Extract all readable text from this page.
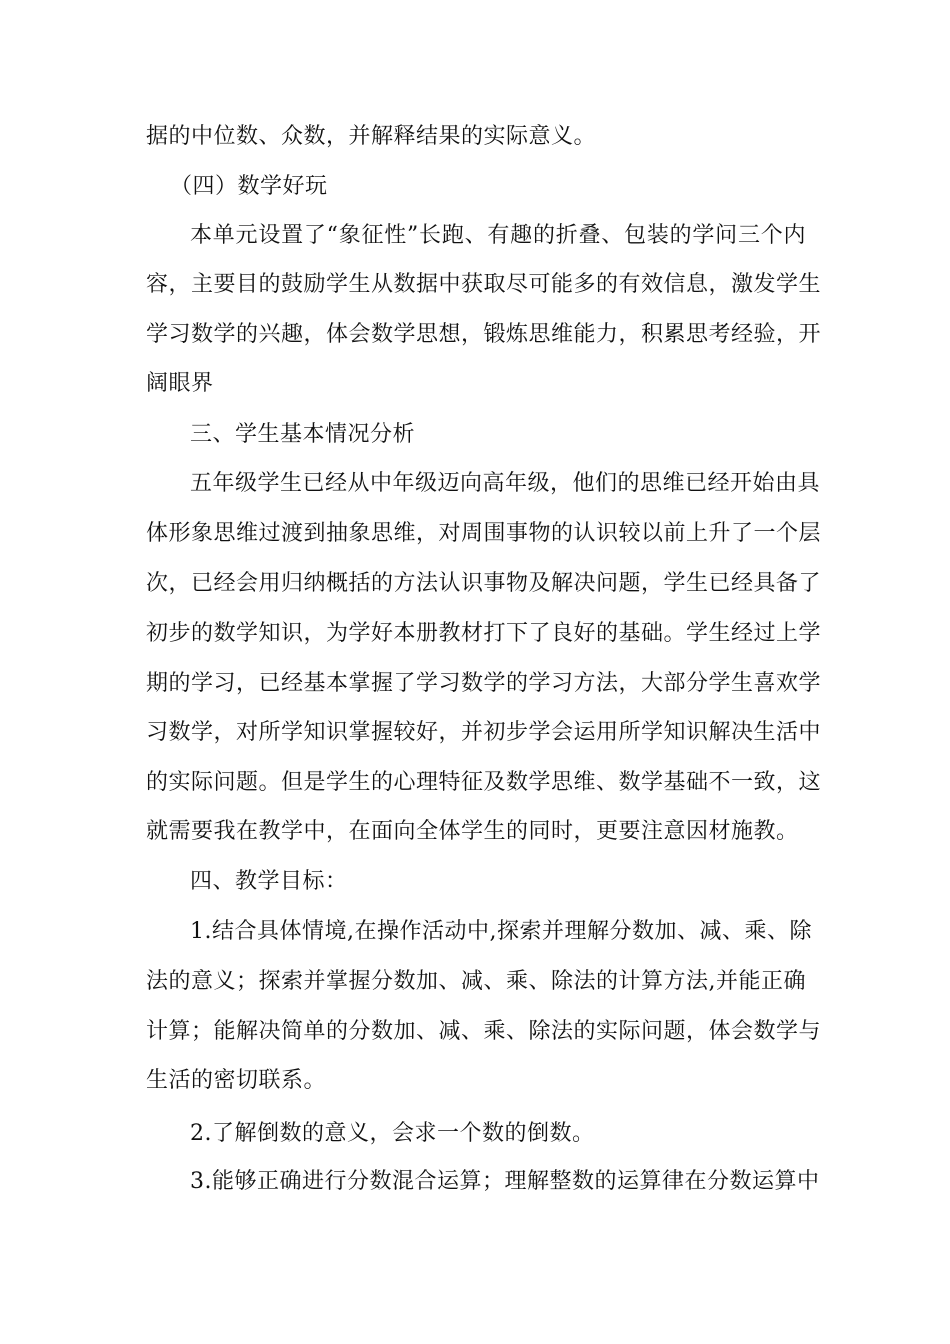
据的中位数、众数，并解释结果的实际意义。
（四）数学好玩
本单元设置了“象征性”长跑、有趣的折叠、包装的学问三个内
容，主要目的鼓励学生从数据中获取尽可能多的有效信息，激发学生
学习数学的兴趣，体会数学思想，锻炼思维能力，积累思考经验，开
阔眼界
三、学生基本情况分析
五年级学生已经从中年级迈向高年级，他们的思维已经开始由具
体形象思维过渡到抽象思维，对周围事物的认识较以前上升了一个层
次，已经会用归纳概括的方法认识事物及解决问题，学生已经具备了
初步的数学知识，为学好本册教材打下了良好的基础。学生经过上学
期的学习，已经基本掌握了学习数学的学习方法，大部分学生喜欢学
习数学，对所学知识掌握较好，并初步学会运用所学知识解决生活中
的实际问题。但是学生的心理特征及数学思维、数学基础不一致，这
就需要我在教学中，在面向全体学生的同时，更要注意因材施教。
四、教学目标：
1.结合具体情境,在操作活动中,探索并理解分数加、减、乘、除
法的意义；探索并掌握分数加、减、乘、除法的计算方法,并能正确
计算；能解决简单的分数加、减、乘、除法的实际问题，体会数学与
生活的密切联系。
2.了解倒数的意义，会求一个数的倒数。
3.能够正确进行分数混合运算；理解整数的运算律在分数运算中
